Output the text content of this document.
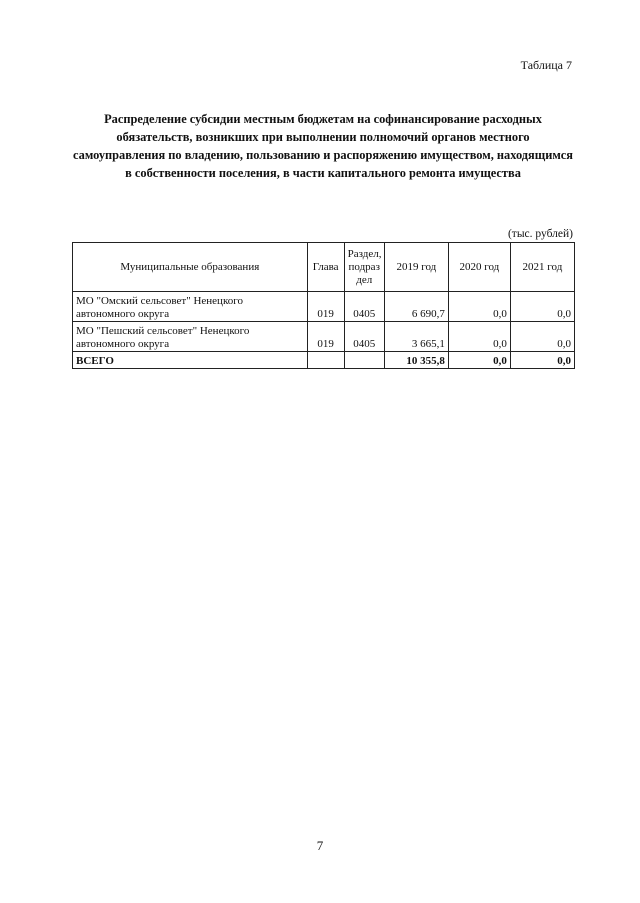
Таблица 7
Распределение субсидии местным бюджетам на софинансирование расходных обязательств, возникших при выполнении полномочий органов местного самоуправления по владению, пользованию и распоряжению имуществом, находящимся в собственности поселения, в части капитального ремонта имущества
(тыс. рублей)
Муниципальные образования	Глава	Раздел, подраз дел	2019 год	2020 год	2021 год
МО "Омский сельсовет" Ненецкого автономного округа	019	0405	6 690,7	0,0	0,0
МО "Пешский сельсовет" Ненецкого автономного округа	019	0405	3 665,1	0,0	0,0
ВСЕГО			10 355,8	0,0	0,0
7
